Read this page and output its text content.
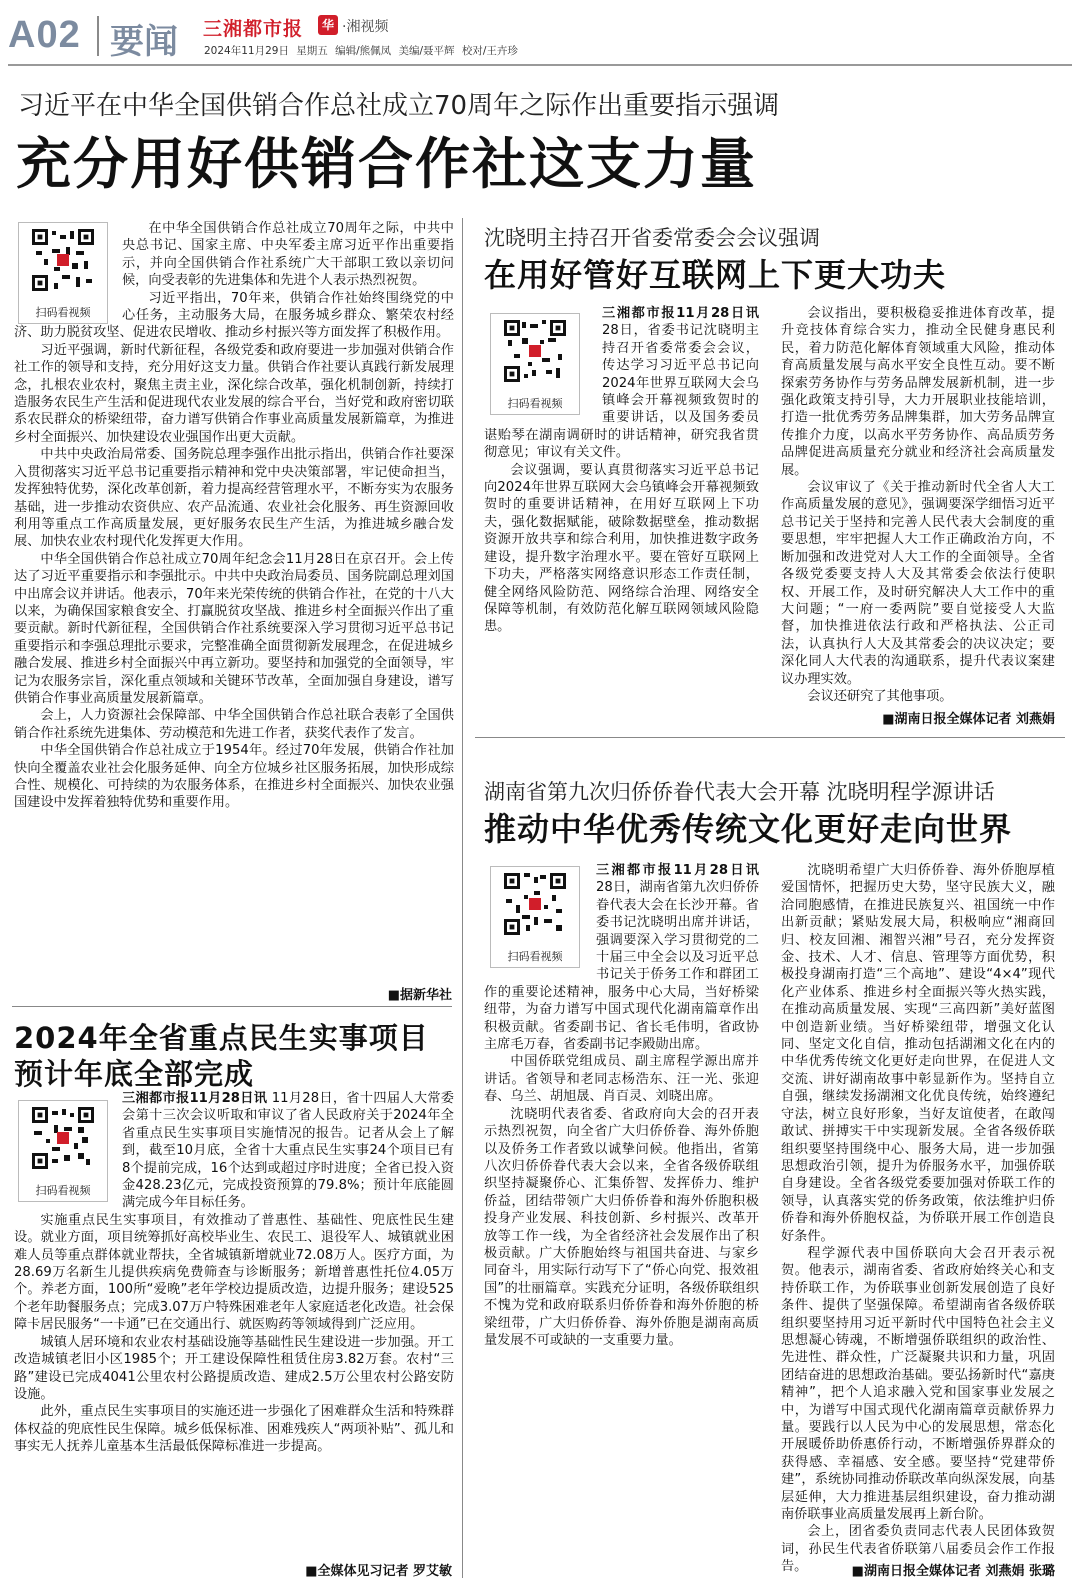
A02 要闻 三湘都市报	华 ·湘视频
2024年11月29日 星期五 编辑/熊佩凤 美编/聂平辉 校对/王卉珍
习近平在中华全国供销合作总社成立70周年之际作出重要指示强调
充分用好供销合作社这支力量
扫码看视频

在中华全国供销合作总社成立70周年之际，中共中央总书记、国家主席、中央军委主席习近平作出重要指示，并向全国供销合作社系统广大干部职工致以亲切问候，向受表彰的先进集体和先进个人表示热烈祝贺。

习近平指出，70年来，供销合作社始终围绕党的中心任务，主动服务大局，在服务城乡群众、繁荣农村经济、助力脱贫攻坚、促进农民增收、推动乡村振兴等方面发挥了积极作用。

习近平强调，新时代新征程，各级党委和政府要进一步加强对供销合作社工作的领导和支持，充分用好这支力量。供销合作社要认真践行新发展理念，扎根农业农村，聚焦主责主业，深化综合改革，强化机制创新，持续打造服务农民生产生活和促进现代农业发展的综合平台，当好党和政府密切联系农民群众的桥梁纽带，奋力谱写供销合作事业高质量发展新篇章，为推进乡村全面振兴、加快建设农业强国作出更大贡献。

中共中央政治局常委、国务院总理李强作出批示指出，供销合作社要深入贯彻落实习近平总书记重要指示精神和党中央决策部署，牢记使命担当，发挥独特优势，深化改革创新，着力提高经营管理水平，不断夯实为农服务基础，进一步推动农资供应、农产品流通、农业社会化服务、再生资源回收利用等重点工作高质量发展，更好服务农民生产生活，为推进城乡融合发展、加快农业农村现代化发挥更大作用。

中华全国供销合作总社成立70周年纪念会11月28日在京召开。会上传达了习近平重要指示和李强批示。中共中央政治局委员、国务院副总理刘国中出席会议并讲话。他表示，70年来光荣传统的供销合作社，在党的十八大以来，为确保国家粮食安全、打赢脱贫攻坚战、推进乡村全面振兴作出了重要贡献。新时代新征程，全国供销合作社系统要深入学习贯彻习近平总书记重要指示和李强总理批示要求，完整准确全面贯彻新发展理念，在促进城乡融合发展、推进乡村全面振兴中再立新功。要坚持和加强党的全面领导，牢记为农服务宗旨，深化重点领域和关键环节改革，全面加强自身建设，谱写供销合作事业高质量发展新篇章。

会上，人力资源社会保障部、中华全国供销合作总社联合表彰了全国供销合作社系统先进集体、劳动模范和先进工作者，获奖代表作了发言。

中华全国供销合作总社成立于1954年。经过70年发展，供销合作社加快向全覆盖农业社会化服务延伸、向全方位城乡社区服务拓展，加快形成综合性、规模化、可持续的为农服务体系，在推进乡村全面振兴、加快农业强国建设中发挥着独特优势和重要作用。

■据新华社
2024年全省重点民生实事项目
预计年底全部完成
扫码看视频

三湘都市报11月28日讯 11月28日，省十四届人大常委会第十三次会议听取和审议了省人民政府关于2024年全省重点民生实事项目实施情况的报告。记者从会上了解到，截至10月底，全省十大重点民生实事24个项目已有8个提前完成，16个达到或超过序时进度；全省已投入资金428.23亿元，完成投资预算的79.8%；预计年底能圆满完成今年目标任务。

实施重点民生实事项目，有效推动了普惠性、基础性、兜底性民生建设。就业方面，项目统筹抓好高校毕业生、农民工、退役军人、城镇就业困难人员等重点群体就业帮扶，全省城镇新增就业72.08万人。医疗方面，为28.69万名新生儿提供疾病免费筛查与诊断服务；新增普惠性托位4.05万个。养老方面，100所“爱晚”老年学校边提质改造，边提升服务；建设525个老年助餐服务点；完成3.07万户特殊困难老年人家庭适老化改造。社会保障卡居民服务“一卡通”已在交通出行、就医购药等领域得到广泛应用。

城镇人居环境和农业农村基础设施等基础性民生建设进一步加强。开工改造城镇老旧小区1985个；开工建设保障性租赁住房3.82万套。农村“三路”建设已完成4041公里农村公路提质改造、建成2.5万公里农村公路安防设施。

此外，重点民生实事项目的实施还进一步强化了困难群众生活和特殊群体权益的兜底性民生保障。城乡低保标准、困难残疾人“两项补贴”、孤儿和事实无人抚养儿童基本生活最低保障标准进一步提高。

■全媒体见习记者 罗艾敏
沈晓明主持召开省委常委会会议强调
在用好管好互联网上下更大功夫
扫码看视频

三湘都市报11月28日讯 28日，省委书记沈晓明主持召开省委常委会会议，传达学习习近平总书记向2024年世界互联网大会乌镇峰会开幕视频致贺时的重要讲话，以及国务委员谌贻琴在湖南调研时的讲话精神，研究我省贯彻意见；审议有关文件。

会议强调，要认真贯彻落实习近平总书记向2024年世界互联网大会乌镇峰会开幕视频致贺时的重要讲话精神，在用好互联网上下功夫，强化数据赋能，破除数据壁垒，推动数据资源开放共享和综合利用，加快推进数字政务建设，提升数字治理水平。要在管好互联网上下功夫，严格落实网络意识形态工作责任制，健全网络风险防范、网络综合治理、网络安全保障等机制，有效防范化解互联网领域风险隐患。

会议指出，要积极稳妥推进体育改革，提升竞技体育综合实力，推动全民健身惠民利民，着力防范化解体育领域重大风险，推动体育高质量发展与高水平安全良性互动。要不断探索劳务协作与劳务品牌发展新机制，进一步强化政策支持引导，大力开展职业技能培训，打造一批优秀劳务品牌集群，加大劳务品牌宣传推介力度，以高水平劳务协作、高品质劳务品牌促进高质量充分就业和经济社会高质量发展。

会议审议了《关于推动新时代全省人大工作高质量发展的意见》，强调要深学细悟习近平总书记关于坚持和完善人民代表大会制度的重要思想，牢牢把握人大工作正确政治方向，不断加强和改进党对人大工作的全面领导。全省各级党委要支持人大及其常委会依法行使职权、开展工作，及时研究解决人大工作中的重大问题；“一府一委两院”要自觉接受人大监督，加快推进依法行政和严格执法、公正司法，认真执行人大及其常委会的决议决定；要深化同人大代表的沟通联系，提升代表议案建议办理实效。

会议还研究了其他事项。

■湖南日报全媒体记者 刘燕娟
湖南省第九次归侨侨眷代表大会开幕 沈晓明程学源讲话
推动中华优秀传统文化更好走向世界
扫码看视频

三湘都市报11月28日讯 28日，湖南省第九次归侨侨眷代表大会在长沙开幕。省委书记沈晓明出席并讲话，强调要深入学习贯彻党的二十届三中全会以及习近平总书记关于侨务工作和群团工作的重要论述精神，服务中心大局，当好桥梁纽带，为奋力谱写中国式现代化湖南篇章作出积极贡献。省委副书记、省长毛伟明，省政协主席毛万春，省委副书记李殿勋出席。

中国侨联党组成员、副主席程学源出席并讲话。省领导和老同志杨浩东、汪一光、张迎春、乌兰、胡旭晟、肖百灵、刘晓出席。

沈晓明代表省委、省政府向大会的召开表示热烈祝贺，向全省广大归侨侨眷、海外侨胞以及侨务工作者致以诚挚问候。他指出，省第八次归侨侨眷代表大会以来，全省各级侨联组织坚持凝聚侨心、汇集侨智、发挥侨力、维护侨益，团结带领广大归侨侨眷和海外侨胞积极投身产业发展、科技创新、乡村振兴、改革开放等工作一线，为全省经济社会发展作出了积极贡献。广大侨胞始终与祖国共奋进、与家乡同奋斗，用实际行动写下了“侨心向党、报效祖国”的壮丽篇章。实践充分证明，各级侨联组织不愧为党和政府联系归侨侨眷和海外侨胞的桥梁纽带，广大归侨侨眷、海外侨胞是湖南高质量发展不可或缺的一支重要力量。

沈晓明希望广大归侨侨眷、海外侨胞厚植爱国情怀，把握历史大势，坚守民族大义，融洽同胞感情，在推进民族复兴、祖国统一中作出新贡献；紧贴发展大局，积极响应“湘商回归、校友回湘、湘智兴湘”号召，充分发挥资金、技术、人才、信息、管理等方面优势，积极投身湖南打造“三个高地”、建设“4×4”现代化产业体系、推进乡村全面振兴等火热实践，在推动高质量发展、实现“三高四新”美好蓝图中创造新业绩。当好桥梁纽带，增强文化认同、坚定文化自信，推动包括湖湘文化在内的中华优秀传统文化更好走向世界，在促进人文交流、讲好湖南故事中彰显新作为。坚持自立自强，继续发扬湖湘文化优良传统，始终遵纪守法，树立良好形象，当好友谊使者，在敢闯敢试、拼搏实干中实现新发展。全省各级侨联组织要坚持围绕中心、服务大局，进一步加强思想政治引领，提升为侨服务水平，加强侨联自身建设。全省各级党委要加强对侨联工作的领导，认真落实党的侨务政策，依法维护归侨侨眷和海外侨胞权益，为侨联开展工作创造良好条件。

程学源代表中国侨联向大会召开表示祝贺。他表示，湖南省委、省政府始终关心和支持侨联工作，为侨联事业创新发展创造了良好条件、提供了坚强保障。希望湖南省各级侨联组织要坚持用习近平新时代中国特色社会主义思想凝心铸魂，不断增强侨联组织的政治性、先进性、群众性，广泛凝聚共识和力量，巩固团结奋进的思想政治基础。要弘扬新时代“嘉庚精神”，把个人追求融入党和国家事业发展之中，为谱写中国式现代化湖南篇章贡献侨界力量。要践行以人民为中心的发展思想，常态化开展暖侨助侨惠侨行动，不断增强侨界群众的获得感、幸福感、安全感。要坚持“党建带侨建”，系统协同推动侨联改革向纵深发展，向基层延伸，大力推进基层组织建设，奋力推动湖南侨联事业高质量发展再上新台阶。

会上，团省委负责同志代表人民团体致贺词，孙民生代表省侨联第八届委员会作工作报告。	■湖南日报全媒体记者 刘燕娟 张璐
